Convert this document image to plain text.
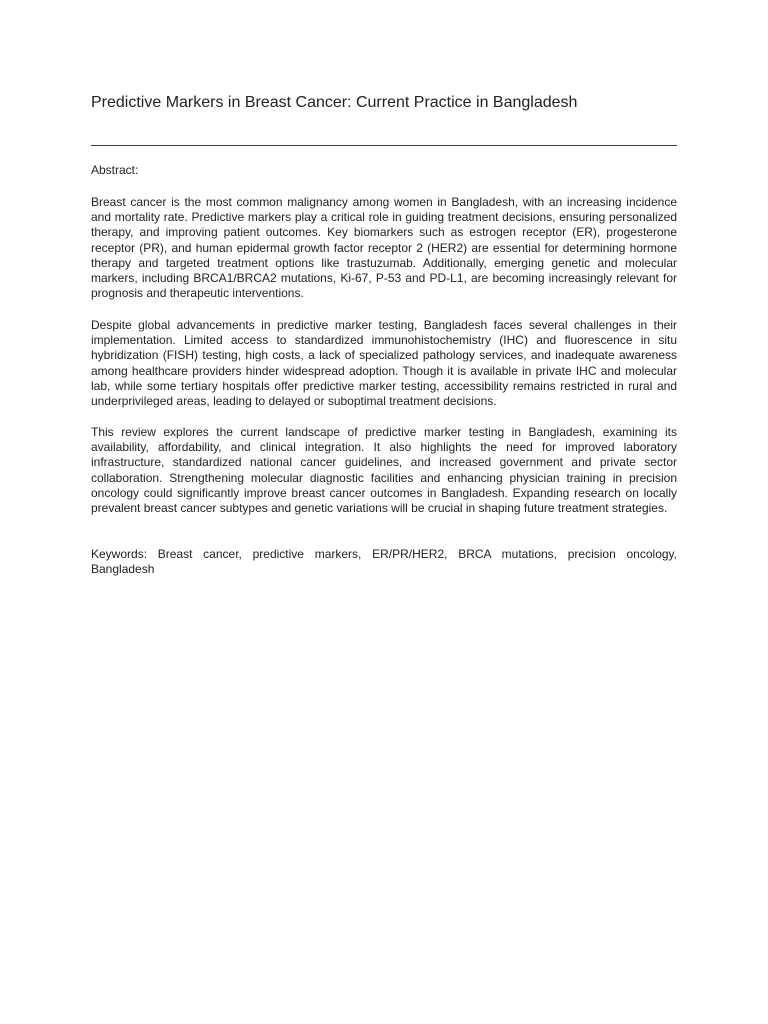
Predictive Markers in Breast Cancer: Current Practice in Bangladesh

Abstract:

Breast cancer is the most common malignancy among women in Bangladesh, with an increasing incidence and mortality rate. Predictive markers play a critical role in guiding treatment decisions, ensuring personalized therapy, and improving patient outcomes. Key biomarkers such as estrogen receptor (ER), progesterone receptor (PR), and human epidermal growth factor receptor 2 (HER2) are essential for determining hormone therapy and targeted treatment options like trastuzumab. Additionally, emerging genetic and molecular markers, including BRCA1/BRCA2 mutations, Ki-67, P-53 and PD-L1, are becoming increasingly relevant for prognosis and therapeutic interventions.

Despite global advancements in predictive marker testing, Bangladesh faces several challenges in their implementation. Limited access to standardized immunohistochemistry (IHC) and fluorescence in situ hybridization (FISH) testing, high costs, a lack of specialized pathology services, and inadequate awareness among healthcare providers hinder widespread adoption. Though it is available in private IHC and molecular lab, while some tertiary hospitals offer predictive marker testing, accessibility remains restricted in rural and underprivileged areas, leading to delayed or suboptimal treatment decisions.

This review explores the current landscape of predictive marker testing in Bangladesh, examining its availability, affordability, and clinical integration. It also highlights the need for improved laboratory infrastructure, standardized national cancer guidelines, and increased government and private sector collaboration. Strengthening molecular diagnostic facilities and enhancing physician training in precision oncology could significantly improve breast cancer outcomes in Bangladesh. Expanding research on locally prevalent breast cancer subtypes and genetic variations will be crucial in shaping future treatment strategies.

Keywords: Breast cancer, predictive markers, ER/PR/HER2, BRCA mutations, precision oncology, Bangladesh
